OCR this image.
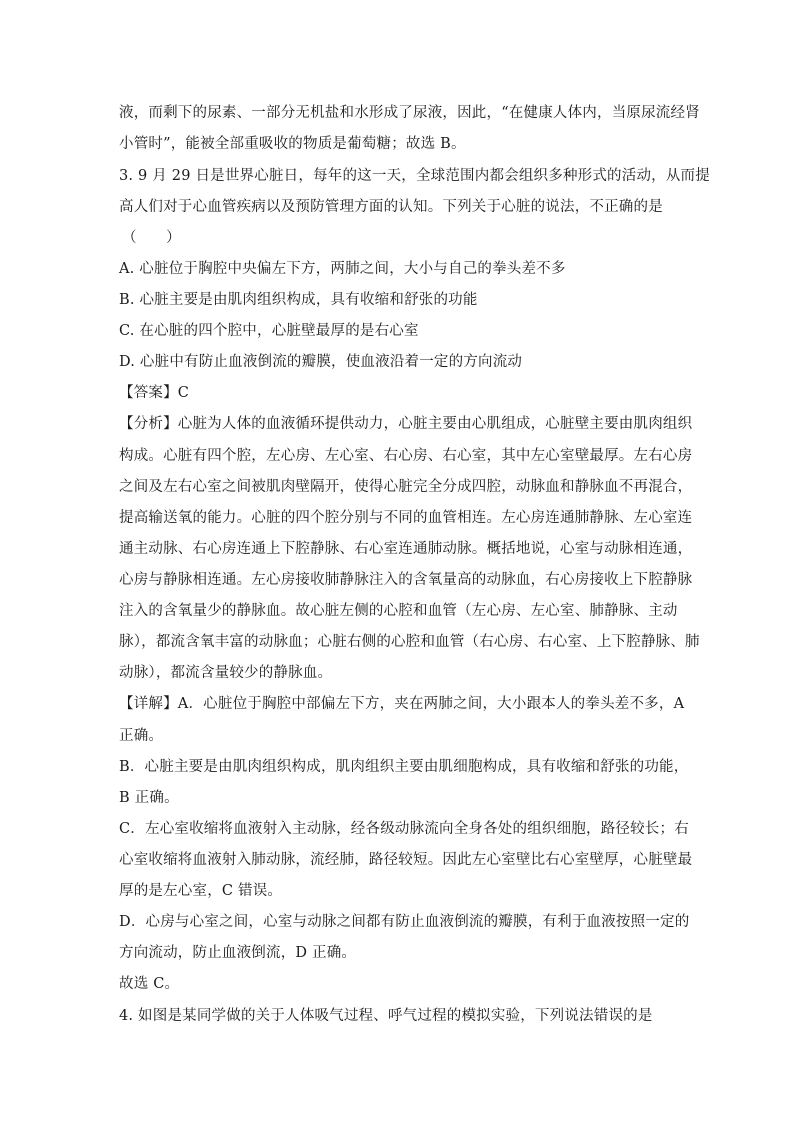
液，而剩下的尿素、一部分无机盐和水形成了尿液，因此，“在健康人体内，当原尿流经肾
小管时”，能被全部重吸收的物质是葡萄糖；故选 B。
3. 9 月 29 日是世界心脏日，每年的这一天，全球范围内都会组织多种形式的活动，从而提
高人们对于心血管疾病以及预防管理方面的认知。下列关于心脏的说法，不正确的是
（　　）
A. 心脏位于胸腔中央偏左下方，两肺之间，大小与自己的拳头差不多
B. 心脏主要是由肌肉组织构成，具有收缩和舒张的功能
C. 在心脏的四个腔中，心脏壁最厚的是右心室
D. 心脏中有防止血液倒流的瓣膜，使血液沿着一定的方向流动
【答案】C
【分析】心脏为人体的血液循环提供动力，心脏主要由心肌组成，心脏壁主要由肌肉组织
构成。心脏有四个腔，左心房、左心室、右心房、右心室，其中左心室壁最厚。左右心房
之间及左右心室之间被肌肉壁隔开，使得心脏完全分成四腔，动脉血和静脉血不再混合，
提高输送氧的能力。心脏的四个腔分别与不同的血管相连。左心房连通肺静脉、左心室连
通主动脉、右心房连通上下腔静脉、右心室连通肺动脉。概括地说，心室与动脉相连通，
心房与静脉相连通。左心房接收肺静脉注入的含氧量高的动脉血，右心房接收上下腔静脉
注入的含氧量少的静脉血。故心脏左侧的心腔和血管（左心房、左心室、肺静脉、主动
脉），都流含氧丰富的动脉血；心脏右侧的心腔和血管（右心房、右心室、上下腔静脉、肺
动脉），都流含量较少的静脉血。
【详解】A．心脏位于胸腔中部偏左下方，夹在两肺之间，大小跟本人的拳头差不多，A
正确。
B．心脏主要是由肌肉组织构成，肌肉组织主要由肌细胞构成，具有收缩和舒张的功能，
B 正确。
C．左心室收缩将血液射入主动脉，经各级动脉流向全身各处的组织细胞，路径较长；右
心室收缩将血液射入肺动脉，流经肺，路径较短。因此左心室壁比右心室壁厚，心脏壁最
厚的是左心室，C 错误。
D．心房与心室之间，心室与动脉之间都有防止血液倒流的瓣膜，有利于血液按照一定的
方向流动，防止血液倒流，D 正确。
故选 C。
4. 如图是某同学做的关于人体吸气过程、呼气过程的模拟实验，下列说法错误的是
